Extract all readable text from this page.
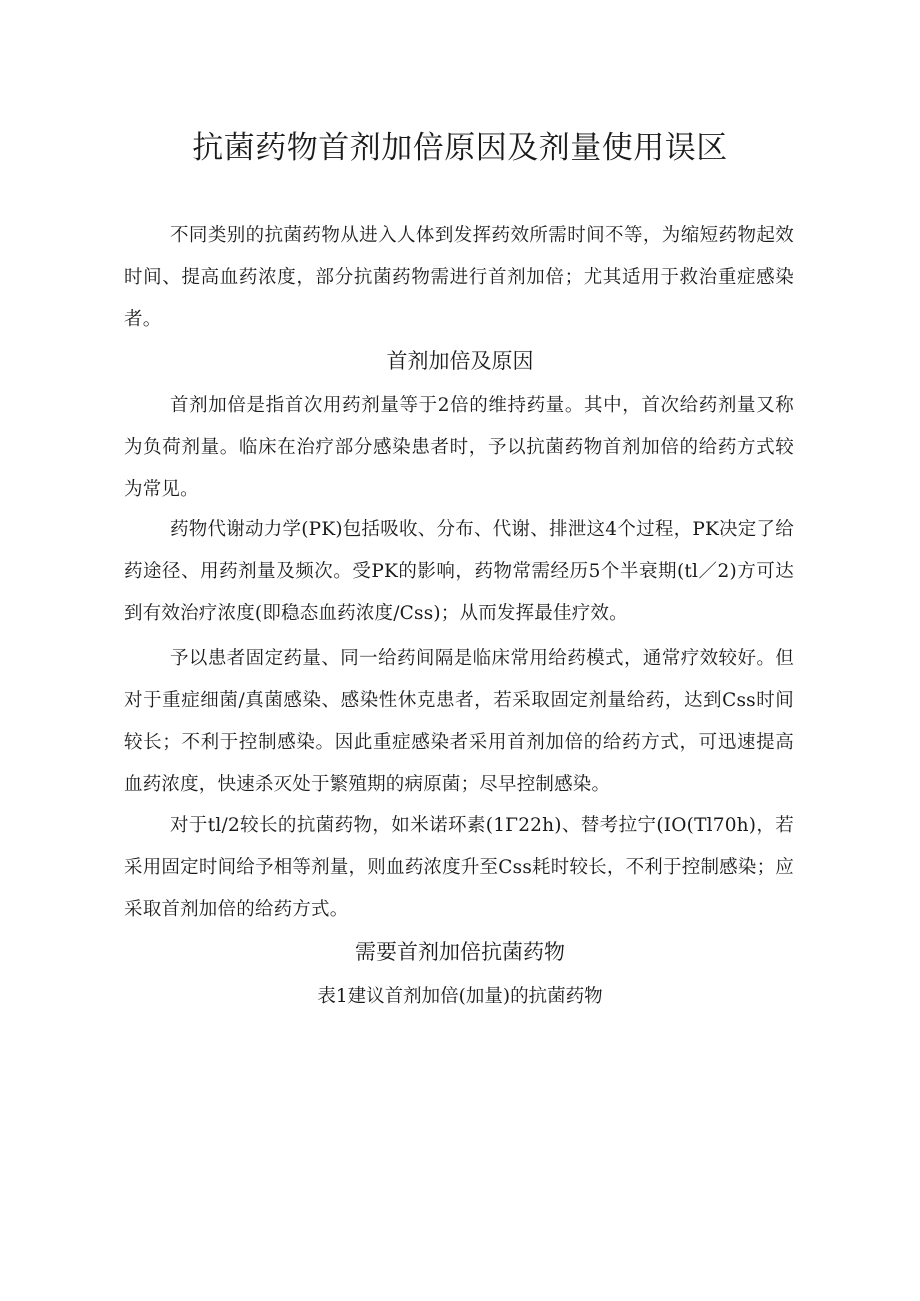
抗菌药物首剂加倍原因及剂量使用误区

不同类别的抗菌药物从进入人体到发挥药效所需时间不等，为缩短药物起效时间、提高血药浓度，部分抗菌药物需进行首剂加倍；尤其适用于救治重症感染者。

首剂加倍及原因

首剂加倍是指首次用药剂量等于2倍的维持药量。其中，首次给药剂量又称为负荷剂量。临床在治疗部分感染患者时，予以抗菌药物首剂加倍的给药方式较为常见。

药物代谢动力学(PK)包括吸收、分布、代谢、排泄这4个过程，PK决定了给药途径、用药剂量及频次。受PK的影响，药物常需经历5个半衰期(tl／2)方可达到有效治疗浓度(即稳态血药浓度/Css)；从而发挥最佳疗效。

予以患者固定药量、同一给药间隔是临床常用给药模式，通常疗效较好。但对于重症细菌/真菌感染、感染性休克患者，若采取固定剂量给药，达到Css时间较长；不利于控制感染。因此重症感染者采用首剂加倍的给药方式，可迅速提高血药浓度，快速杀灭处于繁殖期的病原菌；尽早控制感染。

对于tl/2较长的抗菌药物，如米诺环素(1Γ22h)、替考拉宁(IO(Tl70h)，若采用固定时间给予相等剂量，则血药浓度升至Css耗时较长，不利于控制感染；应采取首剂加倍的给药方式。

需要首剂加倍抗菌药物

表1建议首剂加倍(加量)的抗菌药物
